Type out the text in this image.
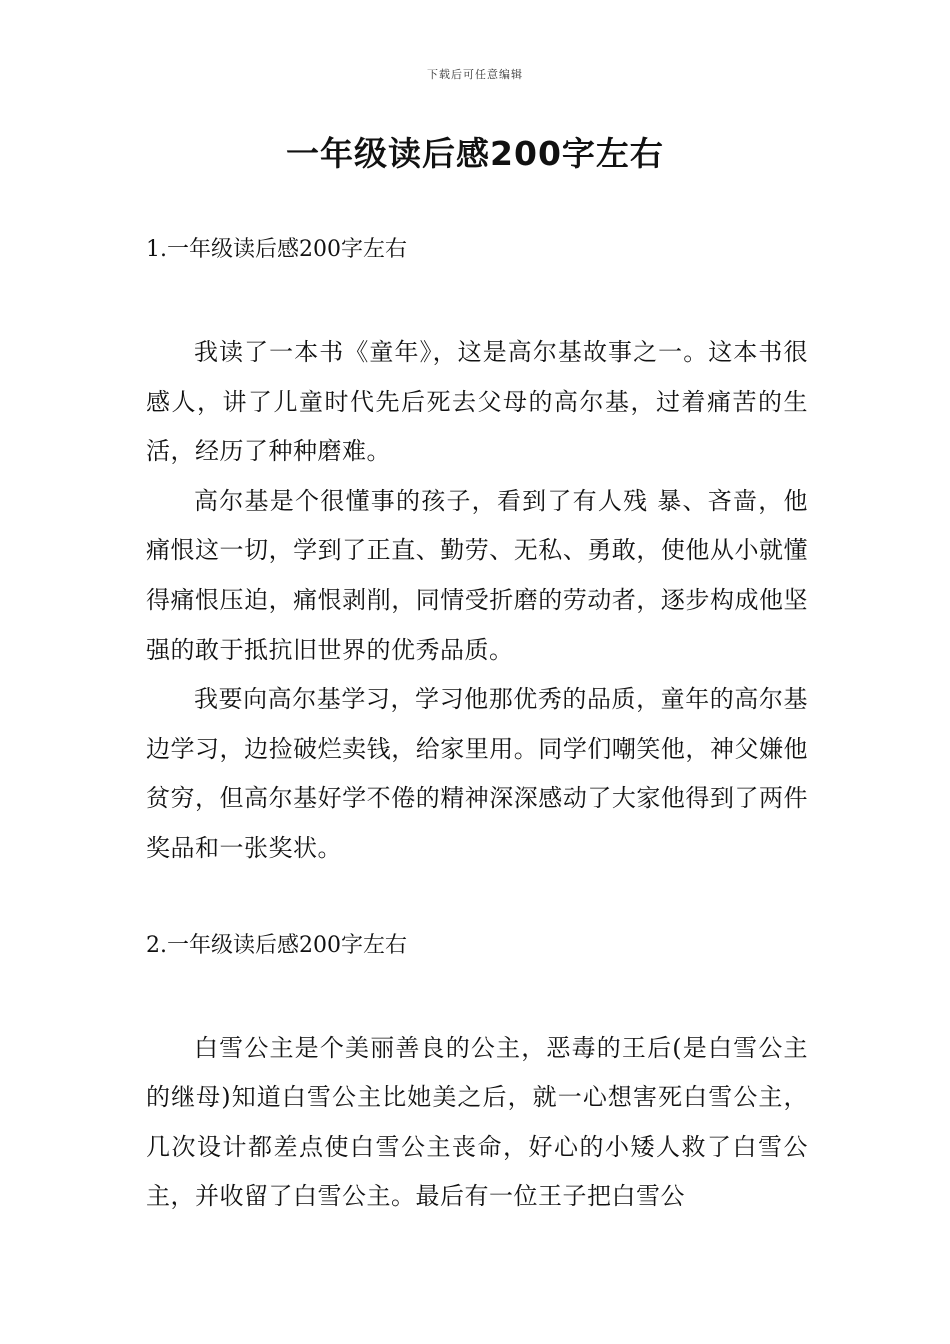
下载后可任意编辑
一年级读后感200字左右

1.一年级读后感200字左右

我读了一本书《童年》，这是高尔基故事之一。这本书很感人，讲了儿童时代先后死去父母的高尔基，过着痛苦的生活，经历了种种磨难。

高尔基是个很懂事的孩子，看到了有人残 暴、吝啬，他痛恨这一切，学到了正直、勤劳、无私、勇敢，使他从小就懂得痛恨压迫，痛恨剥削，同情受折磨的劳动者，逐步构成他坚强的敢于抵抗旧世界的优秀品质。

我要向高尔基学习，学习他那优秀的品质，童年的高尔基边学习，边捡破烂卖钱，给家里用。同学们嘲笑他，神父嫌他贫穷，但高尔基好学不倦的精神深深感动了大家他得到了两件奖品和一张奖状。

2.一年级读后感200字左右

白雪公主是个美丽善良的公主，恶毒的王后(是白雪公主的继母)知道白雪公主比她美之后，就一心想害死白雪公主，几次设计都差点使白雪公主丧命，好心的小矮人救了白雪公主，并收留了白雪公主。最后有一位王子把白雪公
